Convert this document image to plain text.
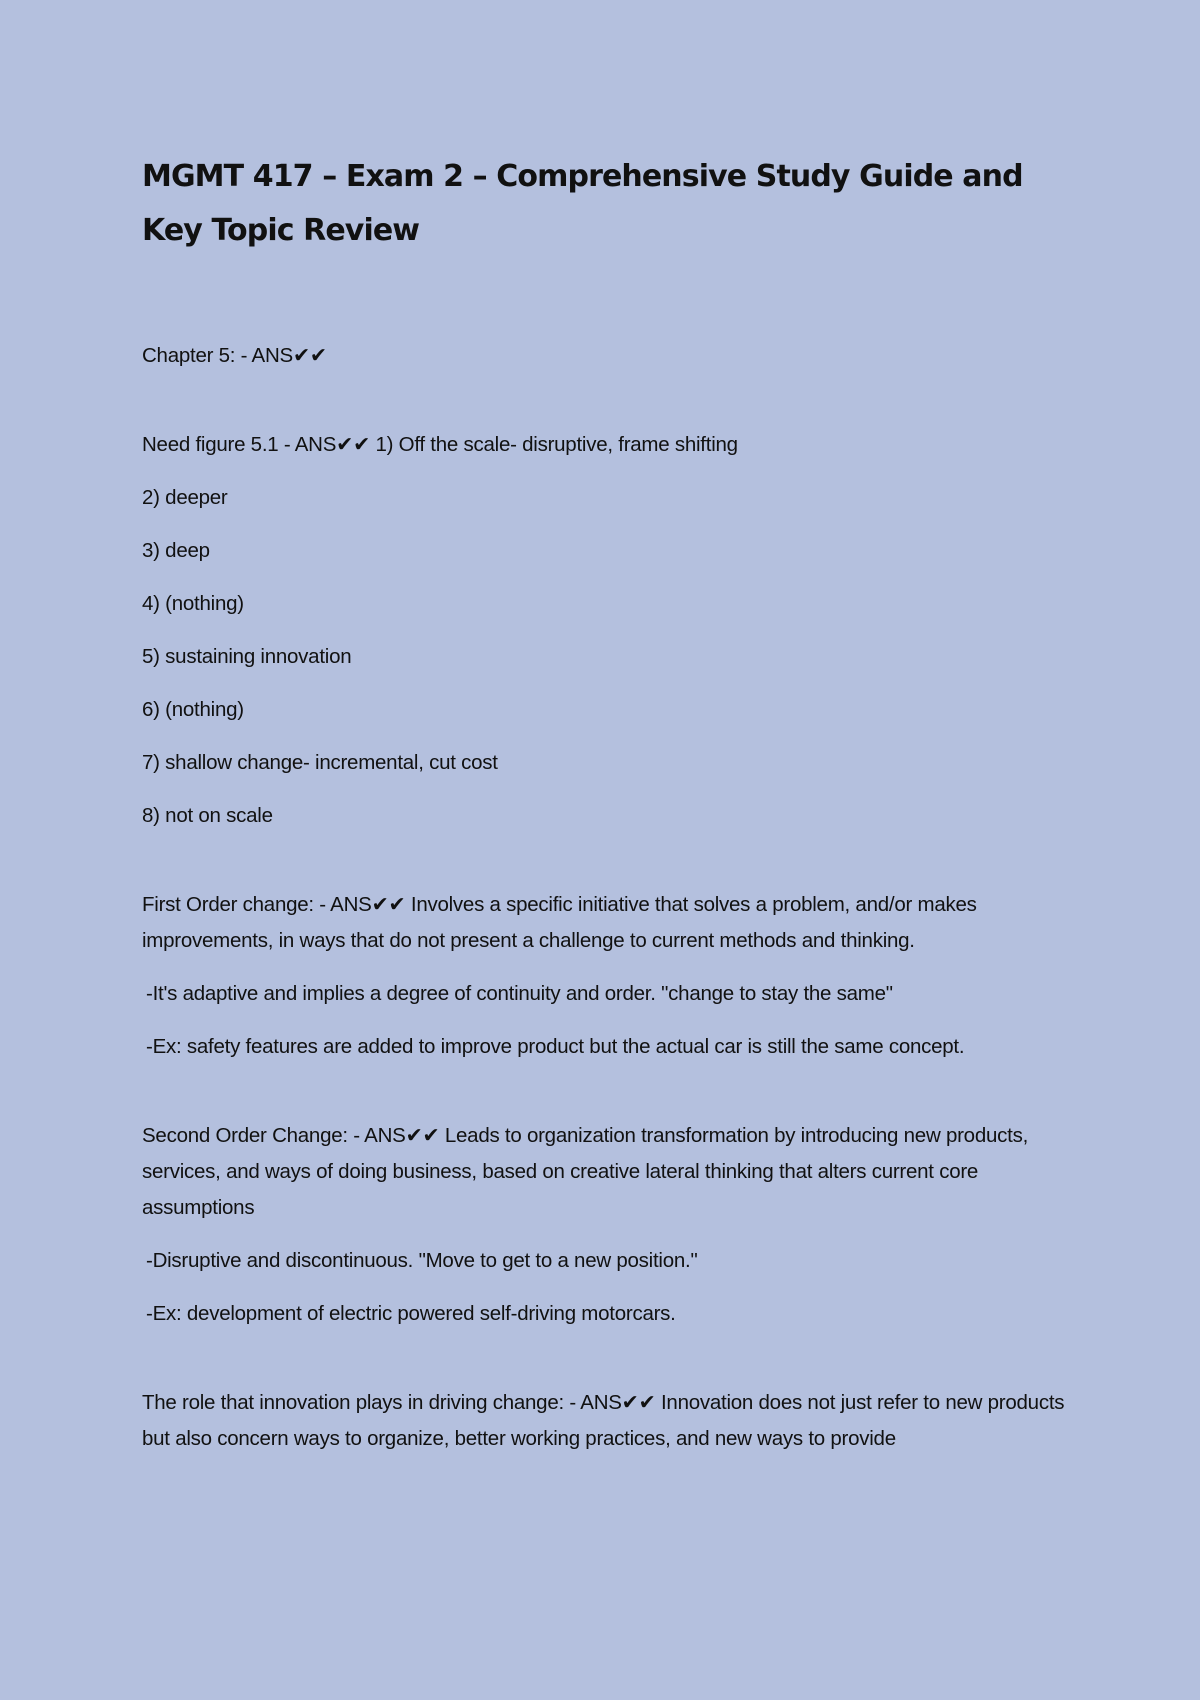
MGMT 417 – Exam 2 – Comprehensive Study Guide and Key Topic Review

Chapter 5: - ANS✔✔

Need figure 5.1 - ANS✔✔ 1) Off the scale- disruptive, frame shifting

2) deeper

3) deep

4) (nothing)

5) sustaining innovation

6) (nothing)

7) shallow change- incremental, cut cost

8) not on scale

First Order change: - ANS✔✔ Involves a specific initiative that solves a problem, and/or makes improvements, in ways that do not present a challenge to current methods and thinking.

-It's adaptive and implies a degree of continuity and order. "change to stay the same"

-Ex: safety features are added to improve product but the actual car is still the same concept.

Second Order Change: - ANS✔✔ Leads to organization transformation by introducing new products, services, and ways of doing business, based on creative lateral thinking that alters current core assumptions

-Disruptive and discontinuous. "Move to get to a new position."

-Ex: development of electric powered self-driving motorcars.

The role that innovation plays in driving change: - ANS✔✔ Innovation does not just refer to new products but also concern ways to organize, better working practices, and new ways to provide
